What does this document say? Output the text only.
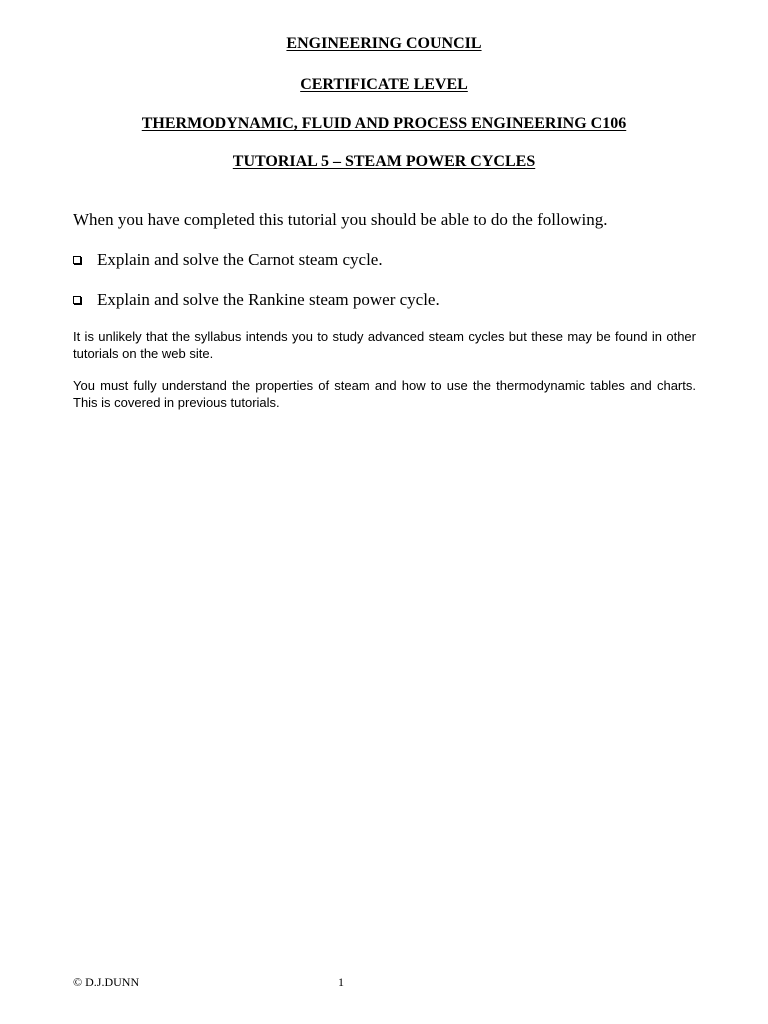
ENGINEERING COUNCIL
CERTIFICATE LEVEL
THERMODYNAMIC, FLUID AND PROCESS ENGINEERING C106
TUTORIAL 5 – STEAM POWER CYCLES
When you have completed this tutorial you should be able to do the following.
Explain and solve the Carnot steam cycle.
Explain and solve the Rankine steam power cycle.

It is unlikely that the syllabus intends you to study advanced steam cycles but these may be found in other tutorials on the web site.

You must fully understand the properties of steam and how to use the thermodynamic tables and charts. This is covered in previous tutorials.

© D.J.DUNN	1
